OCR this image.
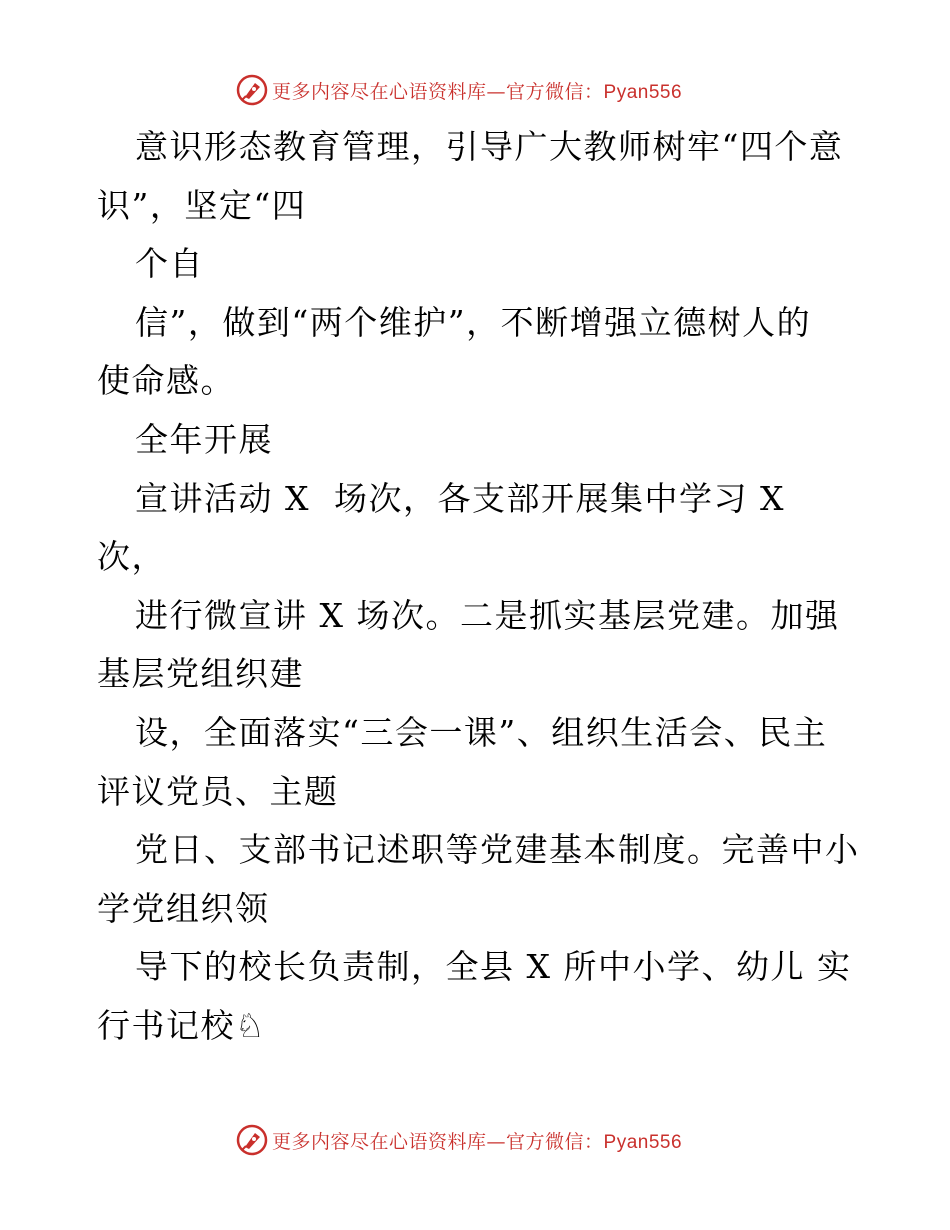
更多内容尽在心语资料库—官方微信：Pyan556
意识形态教育管理，引导广大教师树牢“四个意
识”，坚定“四
个自
信”，做到“两个维护”，不断增强立德树人的
使命感。
全年开展
宣讲活动 X  场次，各支部开展集中学习 X
次，
进行微宣讲 X 场次。二是抓实基层党建。加强
基层党组织建
设，全面落实“三会一课”、组织生活会、民主
评议党员、主题
党日、支部书记述职等党建基本制度。完善中小
学党组织领
导下的校长负责制，全县 X 所中小学、幼儿 实
行书记校♘
更多内容尽在心语资料库—官方微信：Pyan556
